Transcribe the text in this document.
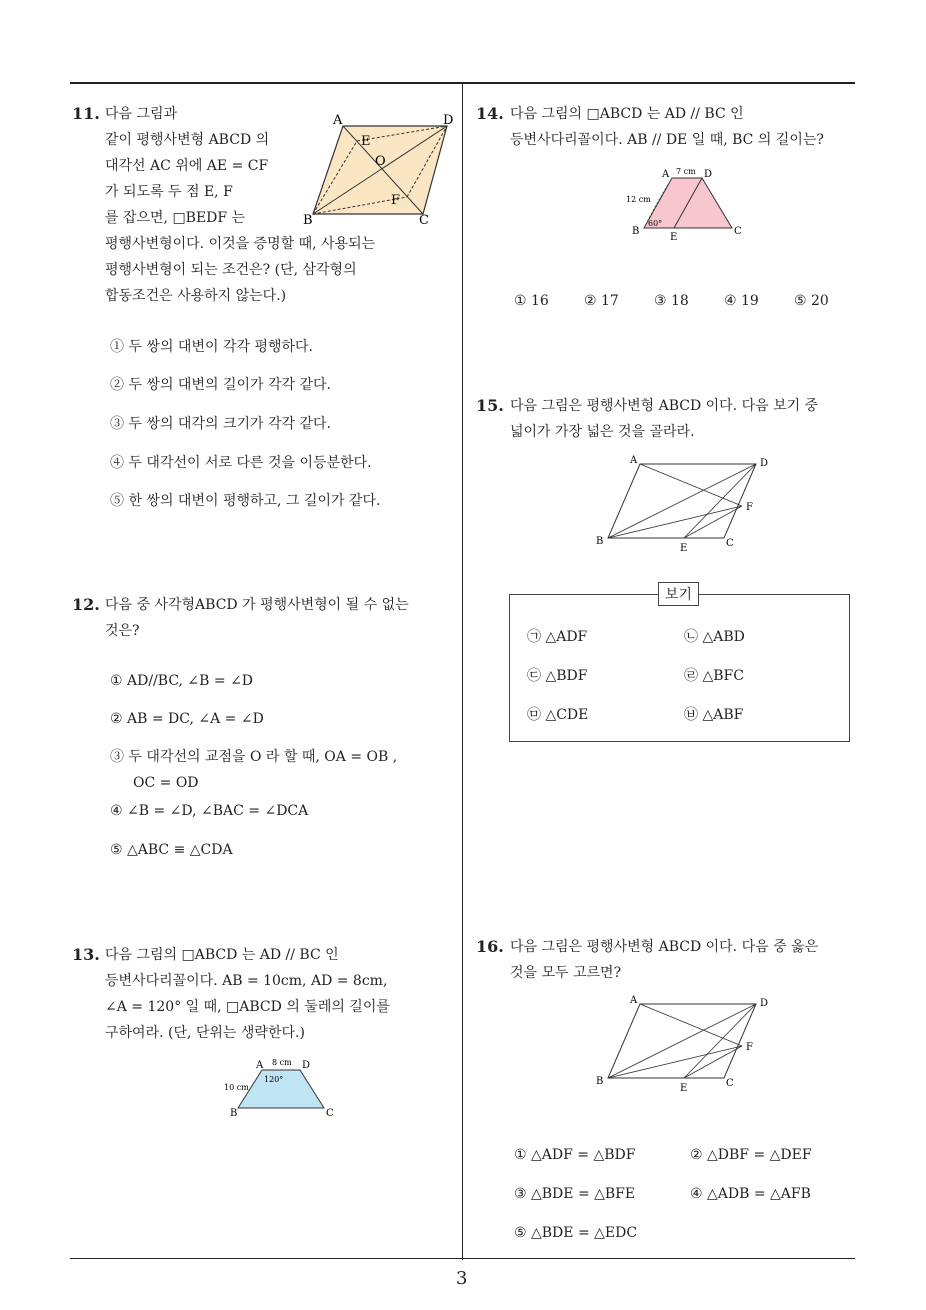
11. 다음 그림과
같이 평행사변형 ABCD 의
대각선 AC 위에 AE = CF
가 되도록 두 점 E, F
를 잡으면, □BEDF 는
평행사변형이다. 이것을 증명할 때, 사용되는
평행사변형이 되는 조건은? (단, 삼각형의
합동조건은 사용하지 않는다.)
A	D
B	C
E
F
O
① 두 쌍의 대변이 각각 평행하다.
② 두 쌍의 대변의 길이가 각각 같다.
③ 두 쌍의 대각의 크기가 각각 같다.
④ 두 대각선이 서로 다른 것을 이등분한다.
⑤ 한 쌍의 대변이 평행하고, 그 길이가 같다.
12. 다음 중 사각형ABCD 가 평행사변형이 될 수 없는
것은?
① AD//BC, ∠B = ∠D
② AB = DC, ∠A = ∠D
③ 두 대각선의 교점을 O 라 할 때, OA = OB ,
OC = OD
④ ∠B = ∠D, ∠BAC = ∠DCA
⑤ △ABC ≡ △CDA
13. 다음 그림의 □ABCD 는 AD // BC 인
등변사다리꼴이다. AB = 10cm, AD = 8cm,
∠A = 120° 일 때, □ABCD 의 둘레의 길이를
구하여라. (단, 단위는 생략한다.)
A	D
B	C
8 cm
10 cm
120°
14. 다음 그림의 □ABCD 는 AD // BC 인
등변사다리꼴이다. AB // DE 일 때, BC 의 길이는?
A	D
B	C
E
7 cm
12 cm
60°
① 16	② 17	③ 18	④ 19	⑤ 20
15. 다음 그림은 평행사변형 ABCD 이다. 다음 보기 중
넓이가 가장 넓은 것을 골라라.
A	D
B	C
E
F
보기
㉠ △ADF	㉡ △ABD
㉢ △BDF	㉣ △BFC
㉤ △CDE	㉥ △ABF
16. 다음 그림은 평행사변형 ABCD 이다. 다음 중 옳은
것을 모두 고르면?
A	D
B	C
E
F
① △ADF = △BDF	② △DBF = △DEF
③ △BDE = △BFE	④ △ADB = △AFB
⑤ △BDE = △EDC
3
